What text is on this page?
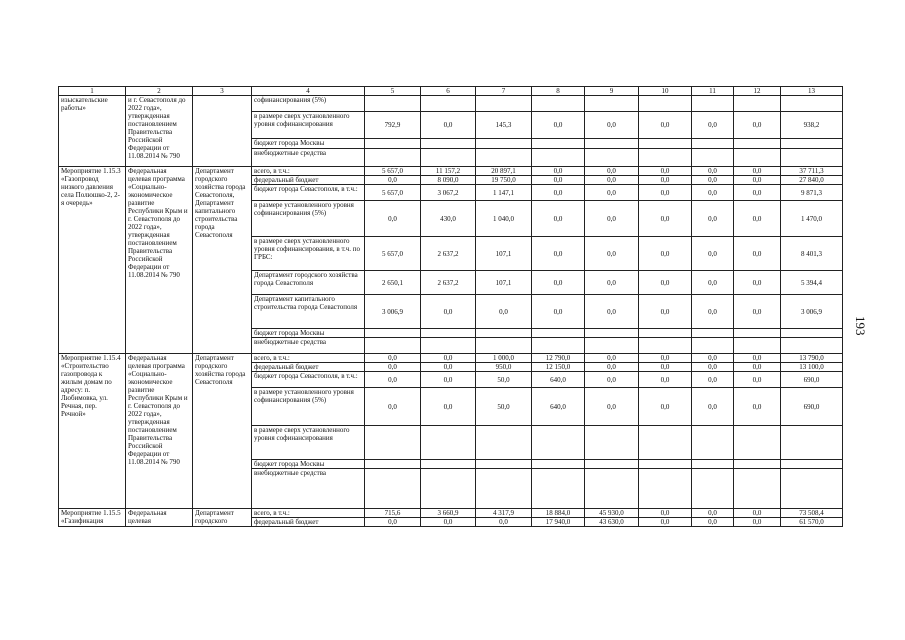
1	2	3	4	5	6	7	8	9	10	11	12	13
изыскательские работы»	и г. Севастополя до 2022 года», утвержденная постановлением Правительства Российской Федерации от 11.08.2014 № 790		софинансирования (5%)									
			в размере сверх установленного уровня софинансирования	792,9	0,0	145,3	0,0	0,0	0,0	0,0	0,0	938,2
			бюджет города Москвы									
			внебюджетные средства									
Мероприятие 1.15.3 «Газопровод низкого давления села Полюшко-2, 2-я очередь»	Федеральная целевая программа «Социально-экономическое развитие Республики Крым и г. Севастополя до 2022 года», утвержденная постановлением Правительства Российской Федерации от 11.08.2014 № 790	Департамент городского хозяйства города Севастополя, Департамент капитального строительства города Севастополя	всего, в т.ч.:	5 657,0	11 157,2	20 897,1	0,0	0,0	0,0	0,0	0,0	37 711,3
			федеральный бюджет	0,0	8 090,0	19 750,0	0,0	0,0	0,0	0,0	0,0	27 840,0
			бюджет города Севастополя, в т.ч.:	5 657,0	3 067,2	1 147,1	0,0	0,0	0,0	0,0	0,0	9 871,3
			в размере установленного уровня софинансирования (5%)	0,0	430,0	1 040,0	0,0	0,0	0,0	0,0	0,0	1 470,0
			в размере сверх установленного уровня софинансирования, в т.ч. по ГРБС:	5 657,0	2 637,2	107,1	0,0	0,0	0,0	0,0	0,0	8 401,3
			Департамент городского хозяйства города Севастополя	2 650,1	2 637,2	107,1	0,0	0,0	0,0	0,0	0,0	5 394,4
			Департамент капитального строительства города Севастополя	3 006,9	0,0	0,0	0,0	0,0	0,0	0,0	0,0	3 006,9
			бюджет города Москвы									
			внебюджетные средства									
Мероприятие 1.15.4 «Строительство газопровода к жилым домам по адресу: п. Любимовка, ул. Речная, пер. Речной»	Федеральная целевая программа «Социально-экономическое развитие Республики Крым и г. Севастополя до 2022 года», утвержденная постановлением Правительства Российской Федерации от 11.08.2014 № 790	Департамент городского хозяйства города Севастополя	всего, в т.ч.:	0,0	0,0	1 000,0	12 790,0	0,0	0,0	0,0	0,0	13 790,0
			федеральный бюджет	0,0	0,0	950,0	12 150,0	0,0	0,0	0,0	0,0	13 100,0
			бюджет города Севастополя, в т.ч.:	0,0	0,0	50,0	640,0	0,0	0,0	0,0	0,0	690,0
			в размере установленного уровня софинансирования (5%)	0,0	0,0	50,0	640,0	0,0	0,0	0,0	0,0	690,0
			в размере сверх установленного уровня софинансирования									
			бюджет города Москвы									
			внебюджетные средства									
Мероприятие 1.15.5 «Газификация	Федеральная целевая	Департамент городского	всего, в т.ч.:	715,6	3 660,9	4 317,9	18 884,0	45 930,0	0,0	0,0	0,0	73 508,4
			федеральный бюджет	0,0	0,0	0,0	17 940,0	43 630,0	0,0	0,0	0,0	61 570,0
193
